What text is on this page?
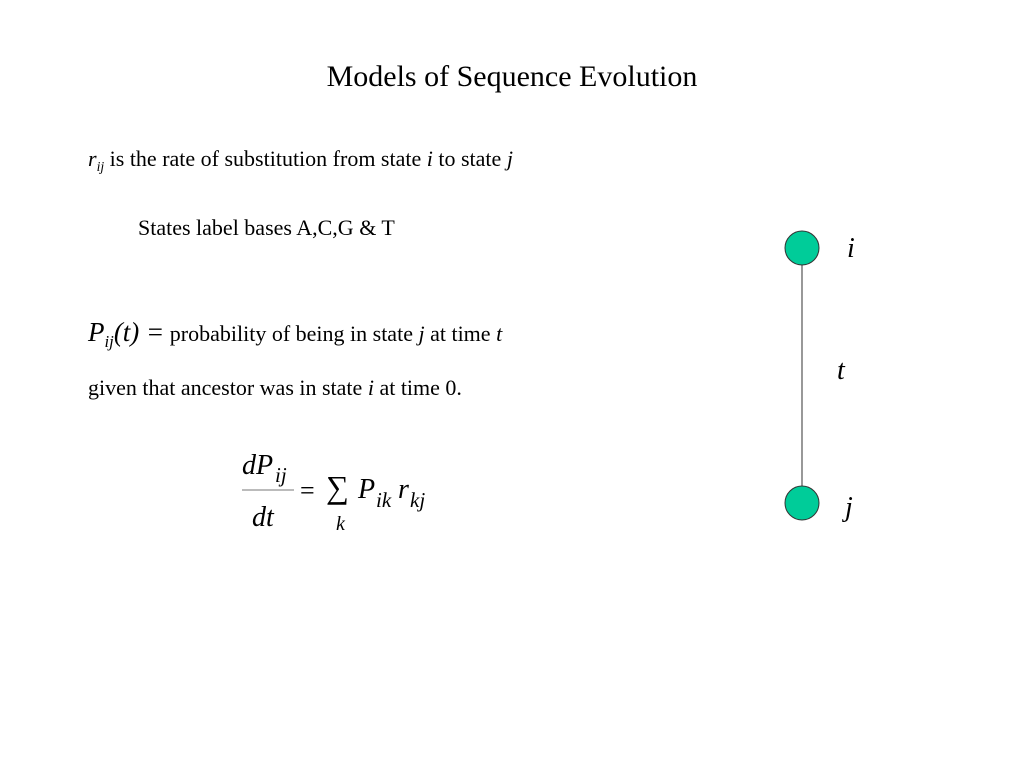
Models of Sequence Evolution
$r_{ij}$ is the rate of substitution from state i to state j
States label bases A,C,G & T
$P_{ij}(t)$ = probability of being in state j at time t
given that ancestor was in state i at time 0.
dP ij
dt
= ∑
k
P ik r kj
i
t
j
